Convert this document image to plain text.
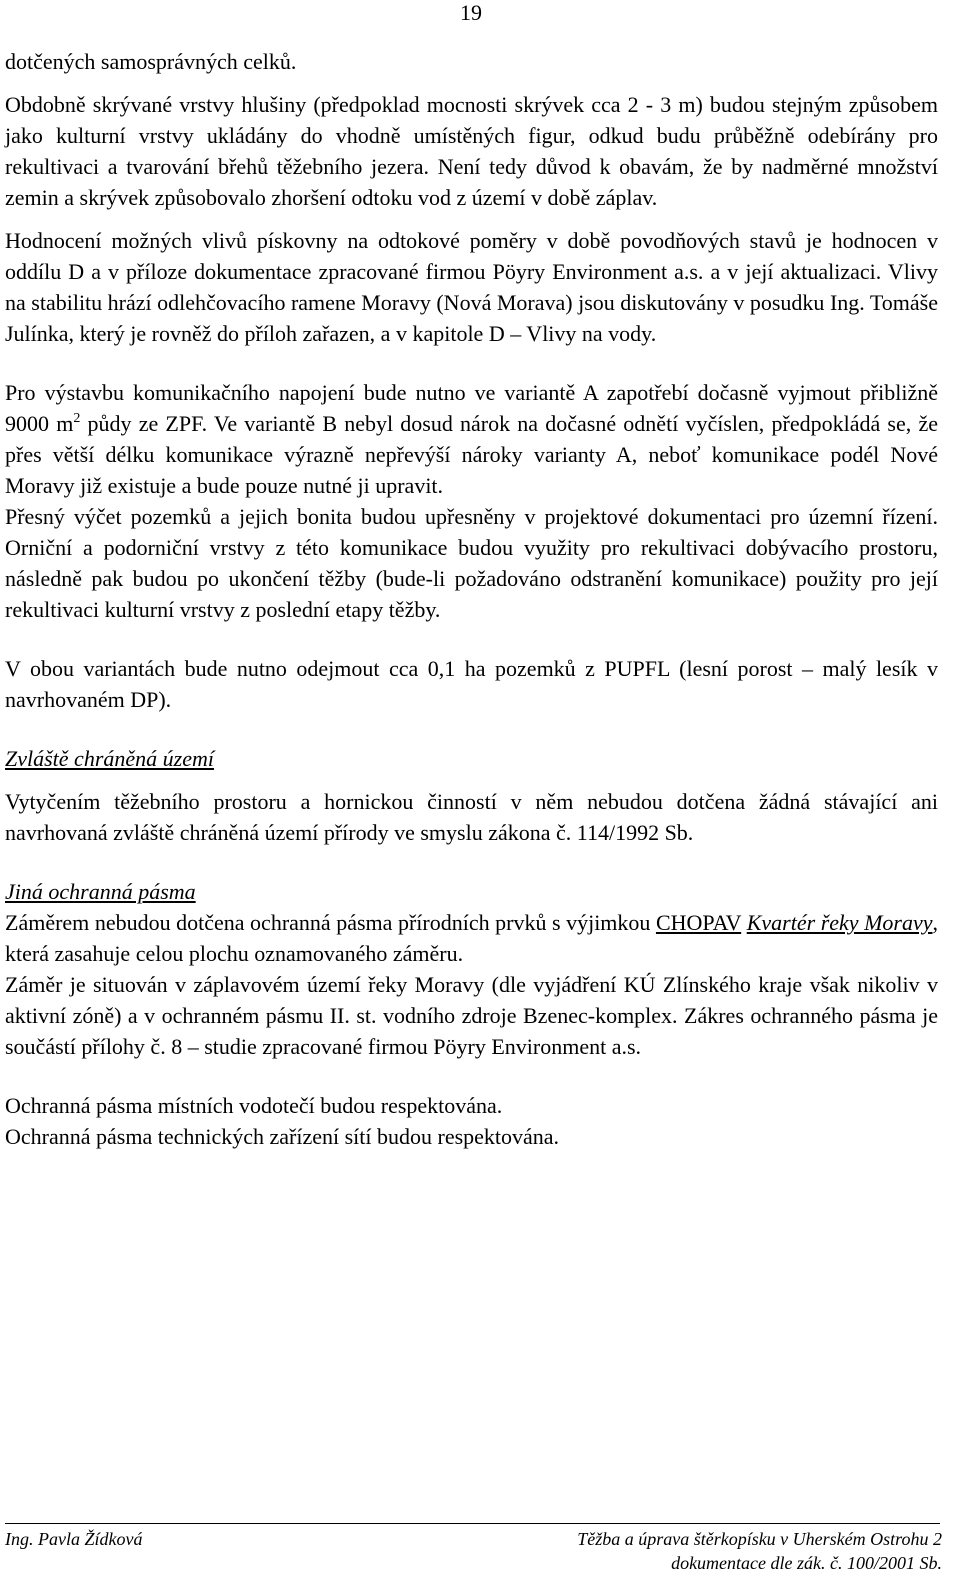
19

dotčených samosprávných celků.

Obdobně skrývané vrstvy hlušiny (předpoklad mocnosti skrývek cca 2 - 3 m) budou stejným způsobem jako kulturní vrstvy ukládány do vhodně umístěných figur, odkud budu průběžně odebírány pro rekultivaci a tvarování břehů těžebního jezera. Není tedy důvod k obavám, že by nadměrné množství zemin a skrývek způsobovalo zhoršení odtoku vod z území v době záplav.

Hodnocení možných vlivů pískovny na odtokové poměry v době povodňových stavů je hodnocen v oddílu D a v příloze dokumentace zpracované firmou Pöyry Environment a.s. a v její aktualizaci. Vlivy na stabilitu hrází odlehčovacího ramene Moravy (Nová Morava) jsou diskutovány v posudku Ing. Tomáše Julínka, který je rovněž do příloh zařazen, a v kapitole D – Vlivy na vody.

Pro výstavbu komunikačního napojení bude nutno ve variantě A zapotřebí dočasně vyjmout přibližně 9000 $m^2$ půdy ze ZPF. Ve variantě B nebyl dosud nárok na dočasné odnětí vyčíslen, předpokládá se, že přes větší délku komunikace výrazně nepřevýší nároky varianty A, neboť komunikace podél Nové Moravy již existuje a bude pouze nutné ji upravit.

Přesný výčet pozemků a jejich bonita budou upřesněny v projektové dokumentaci pro územní řízení. Orniční a podorniční vrstvy z této komunikace budou využity pro rekultivaci dobývacího prostoru, následně pak budou po ukončení těžby (bude-li požadováno odstranění komunikace) použity pro její rekultivaci kulturní vrstvy z poslední etapy těžby.

V obou variantách bude nutno odejmout cca 0,1 ha pozemků z PUPFL (lesní porost – malý lesík v navrhovaném DP).

Zvláště chráněná území

Vytyčením těžebního prostoru a hornickou činností v něm nebudou dotčena žádná stávající ani navrhovaná zvláště chráněná území přírody ve smyslu zákona č. 114/1992 Sb.

Jiná ochranná pásma

Záměrem nebudou dotčena ochranná pásma přírodních prvků s výjimkou CHOPAV Kvartér řeky Moravy, která zasahuje celou plochu oznamovaného záměru.

Záměr je situován v záplavovém území řeky Moravy (dle vyjádření KÚ Zlínského kraje však nikoliv v aktivní zóně) a v ochranném pásmu II. st. vodního zdroje Bzenec-komplex. Zákres ochranného pásma je součástí přílohy č. 8 – studie zpracované firmou Pöyry Environment a.s.

Ochranná pásma místních vodotečí budou respektována.

Ochranná pásma technických zařízení sítí budou respektována.

Ing. Pavla Žídková	Těžba a úprava štěrkopísku v Uherském Ostrohu 2
dokumentace dle zák. č. 100/2001 Sb.
